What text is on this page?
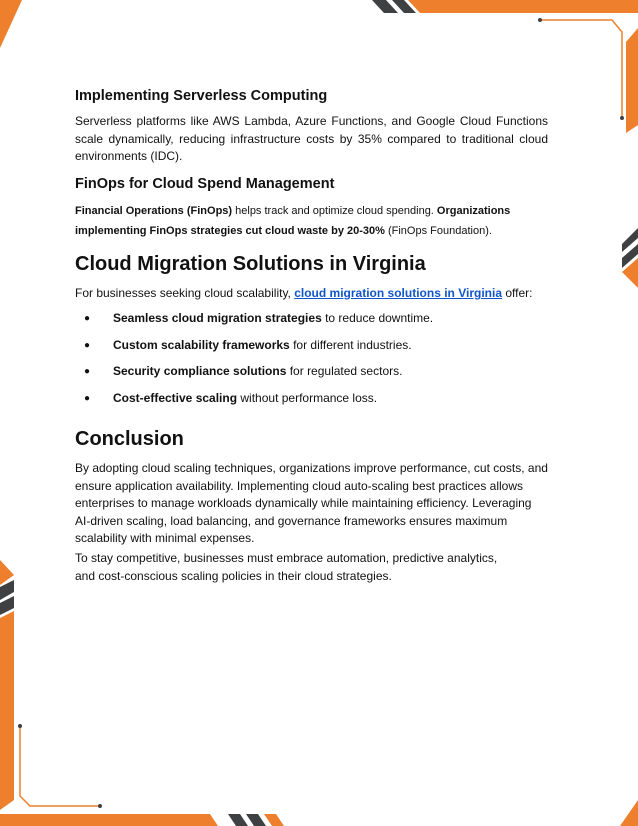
Implementing Serverless Computing

Serverless platforms like AWS Lambda, Azure Functions, and Google Cloud Functions scale dynamically, reducing infrastructure costs by 35% compared to traditional cloud environments (IDC).

FinOps for Cloud Spend Management

Financial Operations (FinOps) helps track and optimize cloud spending. Organizations implementing FinOps strategies cut cloud waste by 20-30% (FinOps Foundation).

Cloud Migration Solutions in Virginia

For businesses seeking cloud scalability, cloud migration solutions in Virginia offer:

● Seamless cloud migration strategies to reduce downtime.
● Custom scalability frameworks for different industries.
● Security compliance solutions for regulated sectors.
● Cost-effective scaling without performance loss.
Conclusion

By adopting cloud scaling techniques, organizations improve performance, cut costs, and ensure application availability. Implementing cloud auto-scaling best practices allows enterprises to manage workloads dynamically while maintaining efficiency. Leveraging AI-driven scaling, load balancing, and governance frameworks ensures maximum scalability with minimal expenses.

To stay competitive, businesses must embrace automation, predictive analytics,
and cost-conscious scaling policies in their cloud strategies.
